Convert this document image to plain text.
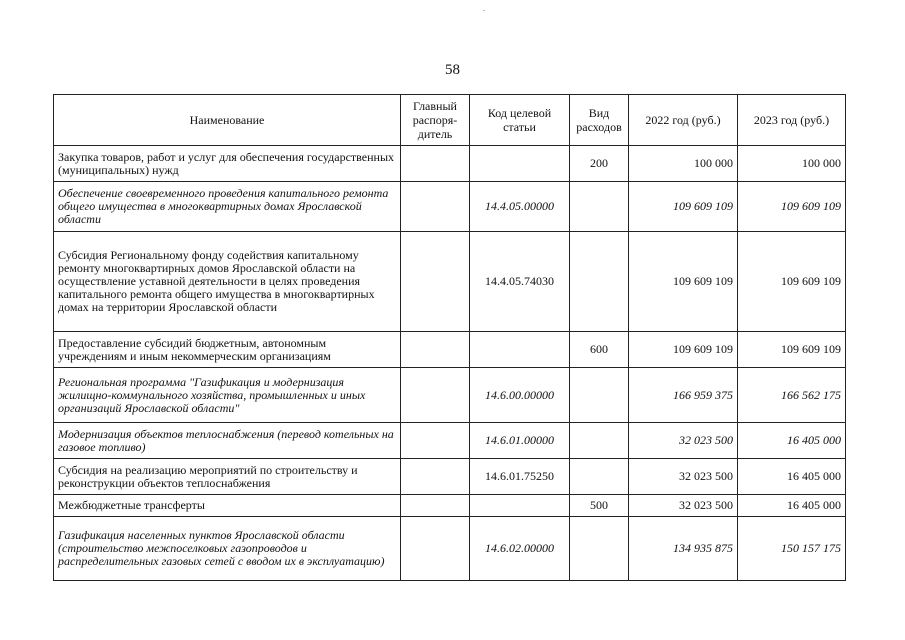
58
Наименование	Главный распоря-дитель	Код целевой статьи	Вид расходов	2022 год (руб.)	2023 год (руб.)
Закупка товаров, работ и услуг для обеспечения государственных (муниципальных) нужд			200	100 000	100 000
Обеспечение своевременного проведения капитального ремонта общего имущества в многоквартирных домах Ярославской области		14.4.05.00000		109 609 109	109 609 109
Субсидия Региональному фонду содействия капитальному ремонту многоквартирных домов Ярославской области на осуществление уставной деятельности в целях проведения капитального ремонта общего имущества в многоквартирных домах на территории Ярославской области		14.4.05.74030		109 609 109	109 609 109
Предоставление субсидий бюджетным, автономным учреждениям и иным некоммерческим организациям			600	109 609 109	109 609 109
Региональная программа "Газификация и модернизация жилищно-коммунального хозяйства, промышленных и иных организаций Ярославской области"		14.6.00.00000		166 959 375	166 562 175
Модернизация объектов теплоснабжения (перевод котельных на газовое топливо)		14.6.01.00000		32 023 500	16 405 000
Субсидия на реализацию мероприятий по строительству и реконструкции объектов теплоснабжения		14.6.01.75250		32 023 500	16 405 000
Межбюджетные трансферты			500	32 023 500	16 405 000
Газификация населенных пунктов Ярославской области (строительство межпоселковых газопроводов и распределительных газовых сетей с вводом их в эксплуатацию)		14.6.02.00000		134 935 875	150 157 175
